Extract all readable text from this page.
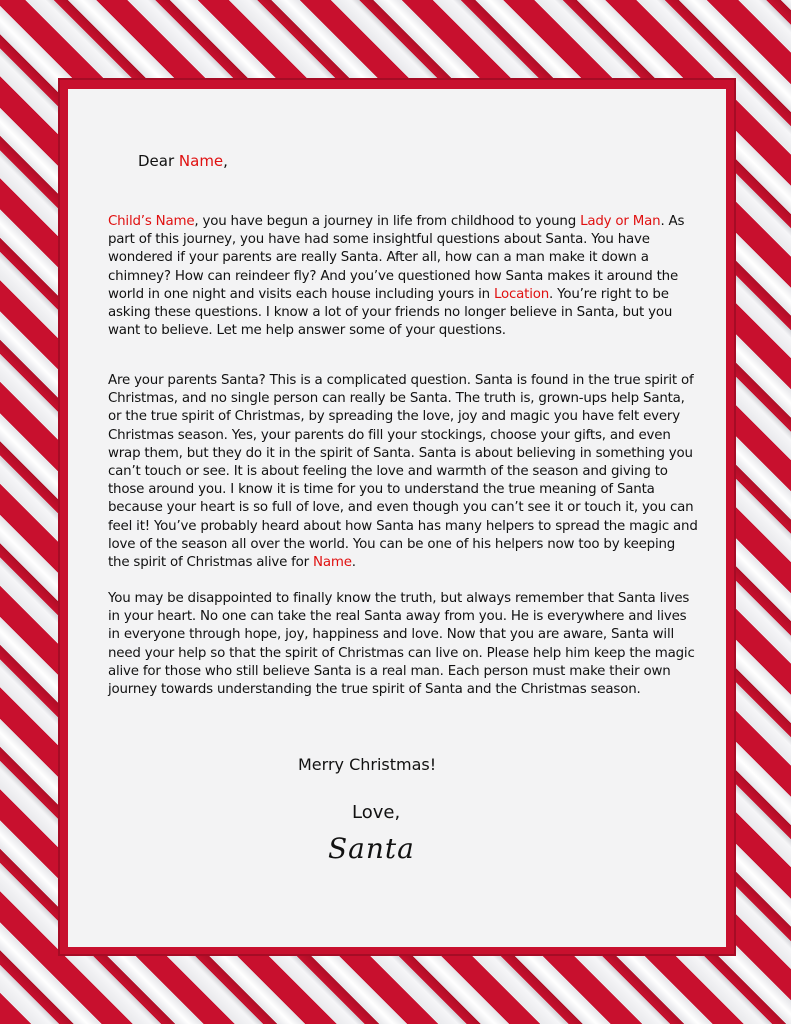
Dear Name,
Child’s Name, you have begun a journey in life from childhood to young Lady or Man. As part of this journey, you have had some insightful questions about Santa. You have wondered if your parents are really Santa. After all, how can a man make it down a chimney? How can reindeer fly? And you’ve questioned how Santa makes it around the world in one night and visits each house including yours in Location. You’re right to be asking these questions. I know a lot of your friends no longer believe in Santa, but you want to believe. Let me help answer some of your questions.
Are your parents Santa? This is a complicated question. Santa is found in the true spirit of Christmas, and no single person can really be Santa. The truth is, grown-ups help Santa, or the true spirit of Christmas, by spreading the love, joy and magic you have felt every Christmas season. Yes, your parents do fill your stockings, choose your gifts, and even wrap them, but they do it in the spirit of Santa. Santa is about believing in something you can’t touch or see. It is about feeling the love and warmth of the season and giving to those around you. I know it is time for you to understand the true meaning of Santa because your heart is so full of love, and even though you can’t see it or touch it, you can feel it! You’ve probably heard about how Santa has many helpers to spread the magic and love of the season all over the world. You can be one of his helpers now too by keeping the spirit of Christmas alive for Name.
You may be disappointed to finally know the truth, but always remember that Santa lives in your heart. No one can take the real Santa away from you. He is everywhere and lives in everyone through hope, joy, happiness and love. Now that you are aware, Santa will need your help so that the spirit of Christmas can live on. Please help him keep the magic alive for those who still believe Santa is a real man. Each person must make their own journey towards understanding the true spirit of Santa and the Christmas season.
Merry Christmas!
Love,
Santa
